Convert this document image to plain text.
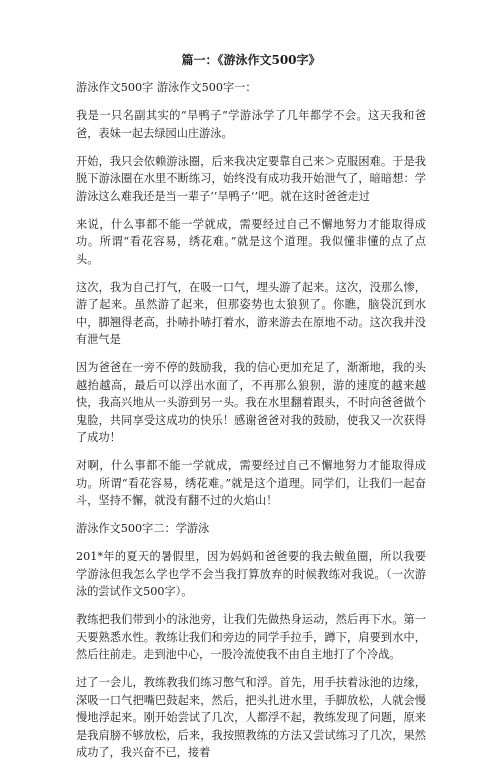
篇一：《游泳作文500字》
游泳作文500字 游泳作文500字一：
我是一只名副其实的“旱鸭子”学游泳学了几年都学不会。这天我和爸爸，表妹一起去绿园山庄游泳。
开始，我只会依赖游泳圈，后来我决定要靠自己来＞克服困难。于是我脱下游泳圈在水里不断练习，始终没有成功我开始泄气了，暗暗想：学游泳这么难我还是当一辈子‘’旱鸭子‘’吧。就在这时爸爸走过
来说，什么事都不能一学就成，需要经过自己不懈地努力才能取得成功。所谓“看花容易，绣花难。”就是这个道理。我似懂非懂的点了点头。
这次，我为自己打气，在吸一口气，埋头游了起来。这次，没那么惨，游了起来。虽然游了起来，但那姿势也太狼狈了。你瞧，脑袋沉到水中，脚翘得老高，扑哧扑哧打着水，游来游去在原地不动。这次我并没有泄气是
因为爸爸在一旁不停的鼓励我，我的信心更加充足了，渐渐地，我的头越抬越高，最后可以浮出水面了，不再那么狼狈，游的速度的越来越快，我高兴地从一头游到另一头。我在水里翻着跟头，不时向爸爸做个鬼脸，共同享受这成功的快乐！感谢爸爸对我的鼓励，使我又一次获得了成功！
对啊，什么事都不能一学就成，需要经过自己不懈地努力才能取得成功。所谓“看花容易，绣花难。”就是这个道理。同学们，让我们一起奋斗，坚持不懈，就没有翻不过的火焰山！
游泳作文500字二：学游泳
201*年的夏天的暑假里，因为妈妈和爸爸要的我去鲅鱼圈，所以我要学游泳但我怎么学也学不会当我打算放弃的时候教练对我说。（一次游泳的尝试作文500字）。
教练把我们带到小的泳池旁，让我们先做热身运动，然后再下水。第一天要熟悉水性。教练让我们和旁边的同学手拉手，蹲下，肩要到水中，然后往前走。走到池中心，一股冷流使我不由自主地打了个冷战。
过了一会儿，教练教我们练习憋气和浮。首先，用手扶着泳池的边缘，深吸一口气把嘴巴鼓起来，然后，把头扎进水里，手脚放松，人就会慢慢地浮起来。刚开始尝试了几次，人都浮不起，教练发现了问题，原来是我肩膀不够放松，后来，我按照教练的方法又尝试练习了几次，果然成功了，我兴奋不已，接着
